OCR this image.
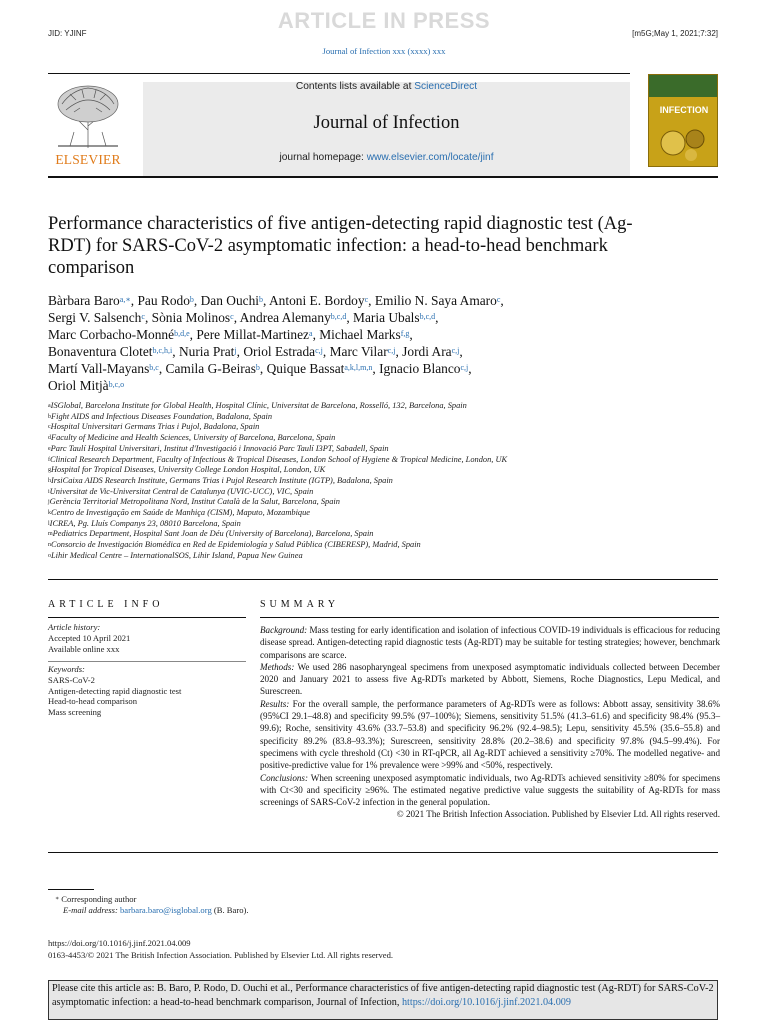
ARTICLE IN PRESS
JID: YJINF	[m5G;May 1, 2021;7:32]
Journal of Infection xxx (xxxx) xxx
ELSEVIER
Contents lists available at ScienceDirect
Journal of Infection
journal homepage: www.elsevier.com/locate/jinf
INFECTION
Performance characteristics of five antigen-detecting rapid diagnostic test (Ag-RDT) for SARS-CoV-2 asymptomatic infection: a head-to-head benchmark comparison
Bàrbara Baro$^{a,∗}$, Pau Rodo$^b$, Dan Ouchi$^b$, Antoni E. Bordoy$^c$, Emilio N. Saya Amaro$^c$,
Sergi V. Salsench$^c$, Sònia Molinos$^c$, Andrea Alemany$^{b,c,d}$, Maria Ubals$^{b,c,d}$,
Marc Corbacho-Monné$^{b,d,e}$, Pere Millat-Martinez$^a$, Michael Marks$^{f,g}$,
Bonaventura Clotet$^{b,c,h,i}$, Nuria Prat$^j$, Oriol Estrada$^{c,j}$, Marc Vilar$^{c,j}$, Jordi Ara$^{c,j}$,
Martí Vall-Mayans$^{b,c}$, Camila G-Beiras$^b$, Quique Bassat$^{a,k,l,m,n}$, Ignacio Blanco$^{c,j}$,
Oriol Mitjà$^{b,c,o}$
$^a$ISGlobal, Barcelona Institute for Global Health, Hospital Clínic, Universitat de Barcelona, Rosselló, 132, Barcelona, Spain
$^b$Fight AIDS and Infectious Diseases Foundation, Badalona, Spain
$^c$Hospital Universitari Germans Trias i Pujol, Badalona, Spain
$^d$Faculty of Medicine and Health Sciences, University of Barcelona, Barcelona, Spain
$^e$Parc Taulí Hospital Universitari, Institut d'Investigació i Innovació Parc Taulí I3PT, Sabadell, Spain
$^f$Clinical Research Department, Faculty of Infectious & Tropical Diseases, London School of Hygiene & Tropical Medicine, London, UK
$^g$Hospital for Tropical Diseases, University College London Hospital, London, UK
$^h$IrsiCaixa AIDS Research Institute, Germans Trias i Pujol Research Institute (IGTP), Badalona, Spain
$^i$Universitat de Vic-Universitat Central de Catalunya (UVIC-UCC), VIC, Spain
$^j$Gerència Territorial Metropolitana Nord, Institut Català de la Salut, Barcelona, Spain
$^k$Centro de Investigação em Saúde de Manhiça (CISM), Maputo, Mozambique
$^l$ICREA, Pg. Lluís Companys 23, 08010 Barcelona, Spain
$^m$Pediatrics Department, Hospital Sant Joan de Déu (University of Barcelona), Barcelona, Spain
$^n$Consorcio de Investigación Biomédica en Red de Epidemiología y Salud Pública (CIBERESP), Madrid, Spain
$^o$Lihir Medical Centre – InternationalSOS, Lihir Island, Papua New Guinea
ARTICLE INFO
Article history:
Accepted 10 April 2021
Available online xxx
Keywords:
SARS-CoV-2
Antigen-detecting rapid diagnostic test
Head-to-head comparison
Mass screening
SUMMARY
Background: Mass testing for early identification and isolation of infectious COVID-19 individuals is efficacious for reducing disease spread. Antigen-detecting rapid diagnostic tests (Ag-RDT) may be suitable for testing strategies; however, benchmark comparisons are scarce.
Methods: We used 286 nasopharyngeal specimens from unexposed asymptomatic individuals collected between December 2020 and January 2021 to assess five Ag-RDTs marketed by Abbott, Siemens, Roche Diagnostics, Lepu Medical, and Surescreen.
Results: For the overall sample, the performance parameters of Ag-RDTs were as follows: Abbott assay, sensitivity 38.6% (95%CI 29.1–48.8) and specificity 99.5% (97–100%); Siemens, sensitivity 51.5% (41.3–61.6) and specificity 98.4% (95.3–99.6); Roche, sensitivity 43.6% (33.7–53.8) and specificity 96.2% (92.4–98.5); Lepu, sensitivity 45.5% (35.6–55.8) and specificity 89.2% (83.8–93.3%); Surescreen, sensitivity 28.8% (20.2–38.6) and specificity 97.8% (94.5–99.4%). For specimens with cycle threshold (Ct) <30 in RT-qPCR, all Ag-RDT achieved a sensitivity ≥70%. The modelled negative- and positive-predictive value for 1% prevalence were >99% and <50%, respectively.
Conclusions: When screening unexposed asymptomatic individuals, two Ag-RDTs achieved sensitivity ≥80% for specimens with Ct<30 and specificity ≥96%. The estimated negative predictive value suggests the suitability of Ag-RDTs for mass screenings of SARS-CoV-2 infection in the general population.
© 2021 The British Infection Association. Published by Elsevier Ltd. All rights reserved.
∗ Corresponding author
E-mail address: barbara.baro@isglobal.org (B. Baro).
https://doi.org/10.1016/j.jinf.2021.04.009
0163-4453/© 2021 The British Infection Association. Published by Elsevier Ltd. All rights reserved.
Please cite this article as: B. Baro, P. Rodo, D. Ouchi et al., Performance characteristics of five antigen-detecting rapid diagnostic test (Ag-RDT) for SARS-CoV-2 asymptomatic infection: a head-to-head benchmark comparison, Journal of Infection, https://doi.org/10.1016/j.jinf.2021.04.009
